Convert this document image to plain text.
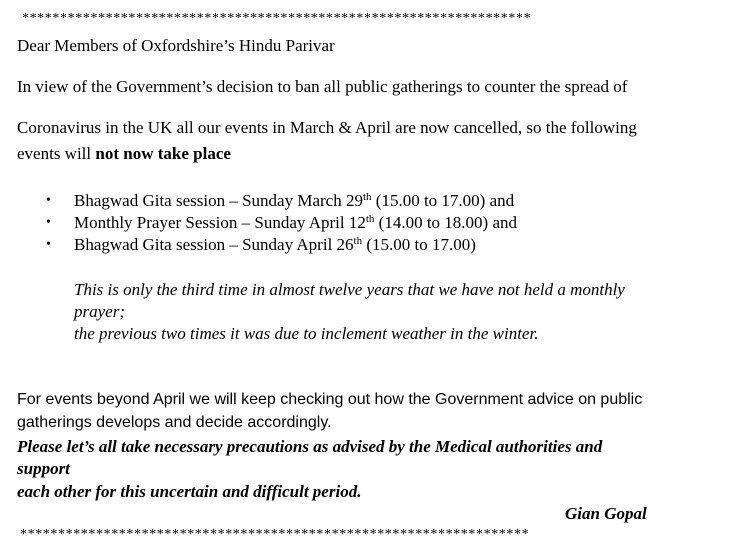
*******************************************************************
Dear Members of Oxfordshire’s Hindu Parivar
In view of the Government’s decision to ban all public gatherings to counter the spread of
Coronavirus in the UK all our events in March & April are now cancelled, so the following
events will not now take place
• Bhagwad Gita session – Sunday March 29th (15.00 to 17.00) and
• Monthly Prayer Session – Sunday April 12th (14.00 to 18.00) and
• Bhagwad Gita session – Sunday April 26th (15.00 to 17.00)
This is only the third time in almost twelve years that we have not held a monthly
prayer;
the previous two times it was due to inclement weather in the winter.
For events beyond April we will keep checking out how the Government advice on public
gatherings develops and decide accordingly.
Please let’s all take necessary precautions as advised by the Medical authorities and
support
each other for this uncertain and difficult period.
Gian Gopal
*******************************************************************
